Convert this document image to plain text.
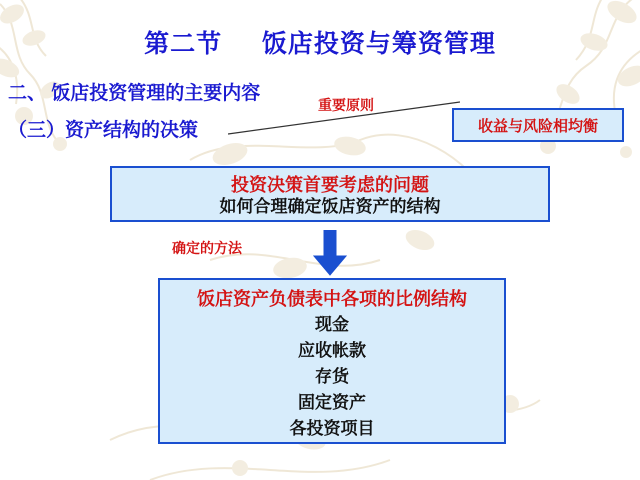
第二节     饭店投资与筹资管理
二、 饭店投资管理的主要内容
（三）资产结构的决策
重要原则
收益与风险相均衡
投资决策首要考虑的问题
如何合理确定饭店资产的结构
确定的方法
饭店资产负债表中各项的比例结构
现金
应收帐款
存货
固定资产
各投资项目
